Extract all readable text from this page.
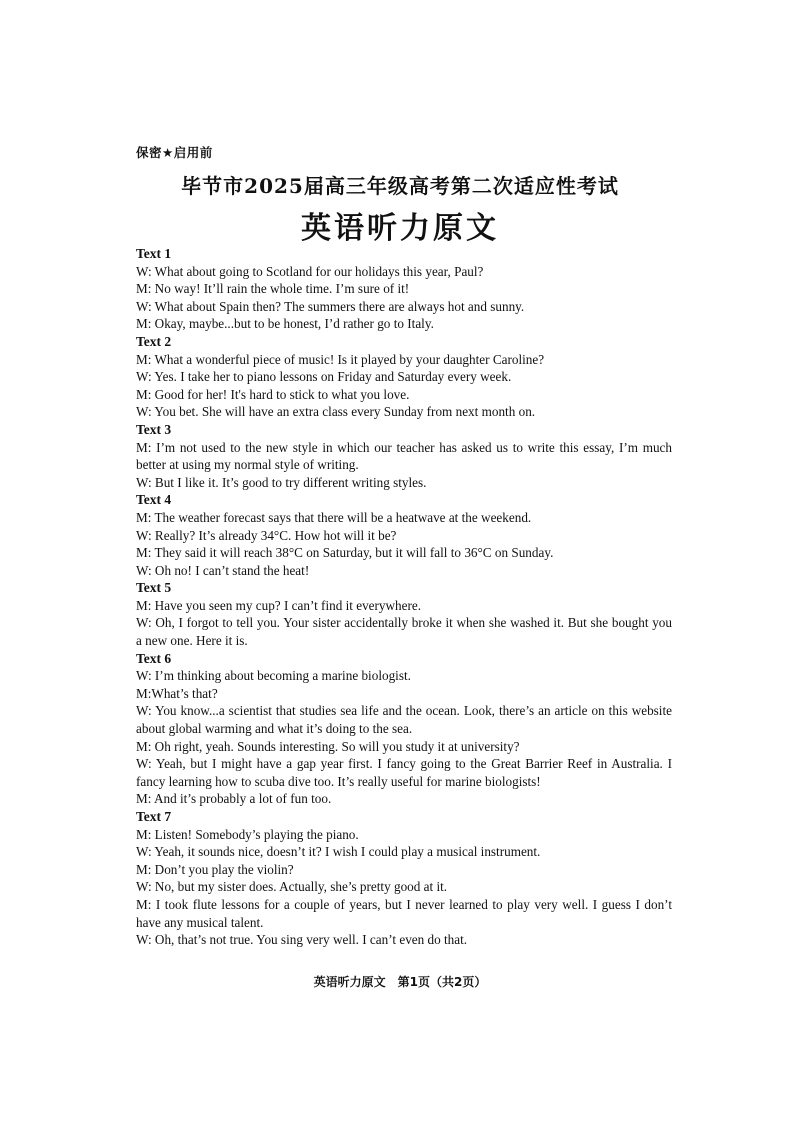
保密★启用前
毕节市2025届高三年级高考第二次适应性考试
英语听力原文

Text 1

W: What about going to Scotland for our holidays this year, Paul?

M: No way! It’ll rain the whole time. I’m sure of it!

W: What about Spain then? The summers there are always hot and sunny.

M: Okay, maybe...but to be honest, I’d rather go to Italy.

Text 2

M: What a wonderful piece of music! Is it played by your daughter Caroline?

W: Yes. I take her to piano lessons on Friday and Saturday every week.

M: Good for her! It's hard to stick to what you love.

W: You bet. She will have an extra class every Sunday from next month on.

Text 3

M: I’m not used to the new style in which our teacher has asked us to write this essay, I’m much better at using my normal style of writing.

W: But I like it. It’s good to try different writing styles.

Text 4

M: The weather forecast says that there will be a heatwave at the weekend.

W: Really? It’s already 34°C. How hot will it be?

M: They said it will reach 38°C on Saturday, but it will fall to 36°C on Sunday.

W: Oh no! I can’t stand the heat!

Text 5

M: Have you seen my cup? I can’t find it everywhere.

W: Oh, I forgot to tell you. Your sister accidentally broke it when she washed it. But she bought you a new one. Here it is.

Text 6

W: I’m thinking about becoming a marine biologist.

M:What’s that?

W: You know...a scientist that studies sea life and the ocean. Look, there’s an article on this website about global warming and what it’s doing to the sea.

M: Oh right, yeah. Sounds interesting. So will you study it at university?

W: Yeah, but I might have a gap year first. I fancy going to the Great Barrier Reef in Australia. I fancy learning how to scuba dive too. It’s really useful for marine biologists!

M: And it’s probably a lot of fun too.

Text 7

M: Listen! Somebody’s playing the piano.

W: Yeah, it sounds nice, doesn’t it? I wish I could play a musical instrument.

M: Don’t you play the violin?

W: No, but my sister does. Actually, she’s pretty good at it.

M: I took flute lessons for a couple of years, but I never learned to play very well. I guess I don’t have any musical talent.

W: Oh, that’s not true. You sing very well. I can’t even do that.

英语听力原文　第1页（共2页）
